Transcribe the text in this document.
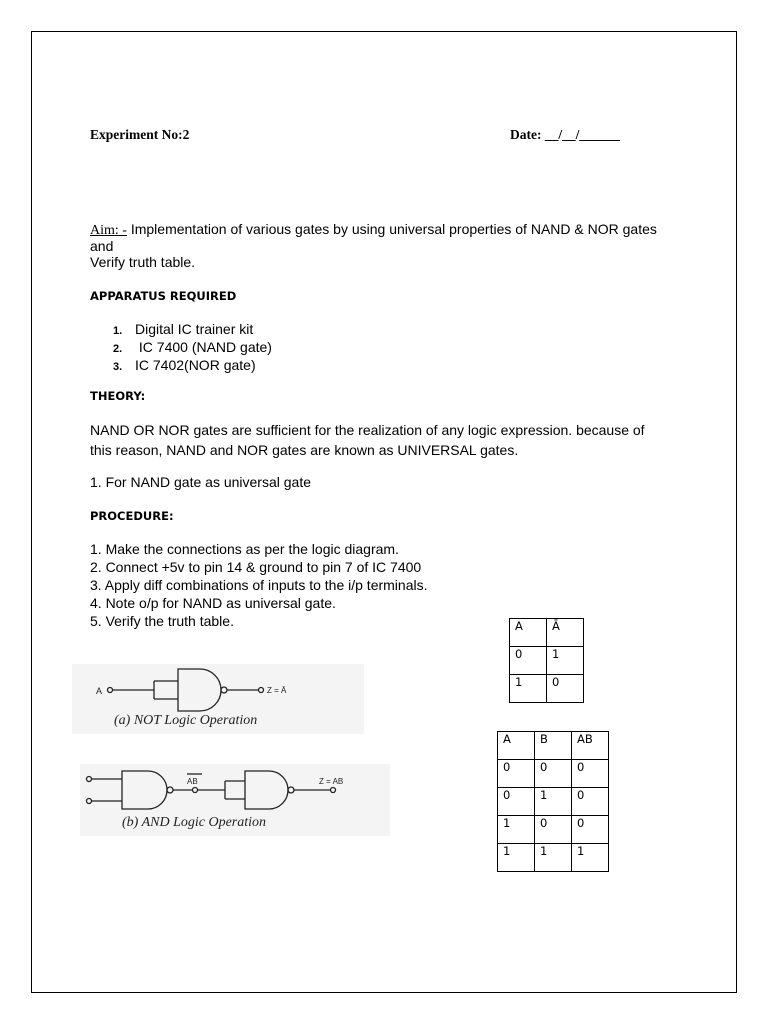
Experiment No:2	Date: __/__/______
Aim: - Implementation of various gates by using universal properties of NAND & NOR gates
and
Verify truth table.
APPARATUS REQUIRED
1. Digital IC trainer kit
2. IC 7400 (NAND gate)
3. IC 7402(NOR gate)
THEORY:
NAND OR NOR gates are sufficient for the realization of any logic expression. because of
this reason, NAND and NOR gates are known as UNIVERSAL gates.
1. For NAND gate as universal gate
PROCEDURE:
1. Make the connections as per the logic diagram.
2. Connect +5v to pin 14 & ground to pin 7 of IC 7400
3. Apply diff combinations of inputs to the i/p terminals.
4. Note o/p for NAND as universal gate.
5. Verify the truth table.	A	Ā
0	1
1	0
A	B	AB
0	0	0
0	1	0
1	0	0
1	1	1
A	Z = Ā
(a) NOT Logic Operation
AB	Z = AB
(b) AND Logic Operation
